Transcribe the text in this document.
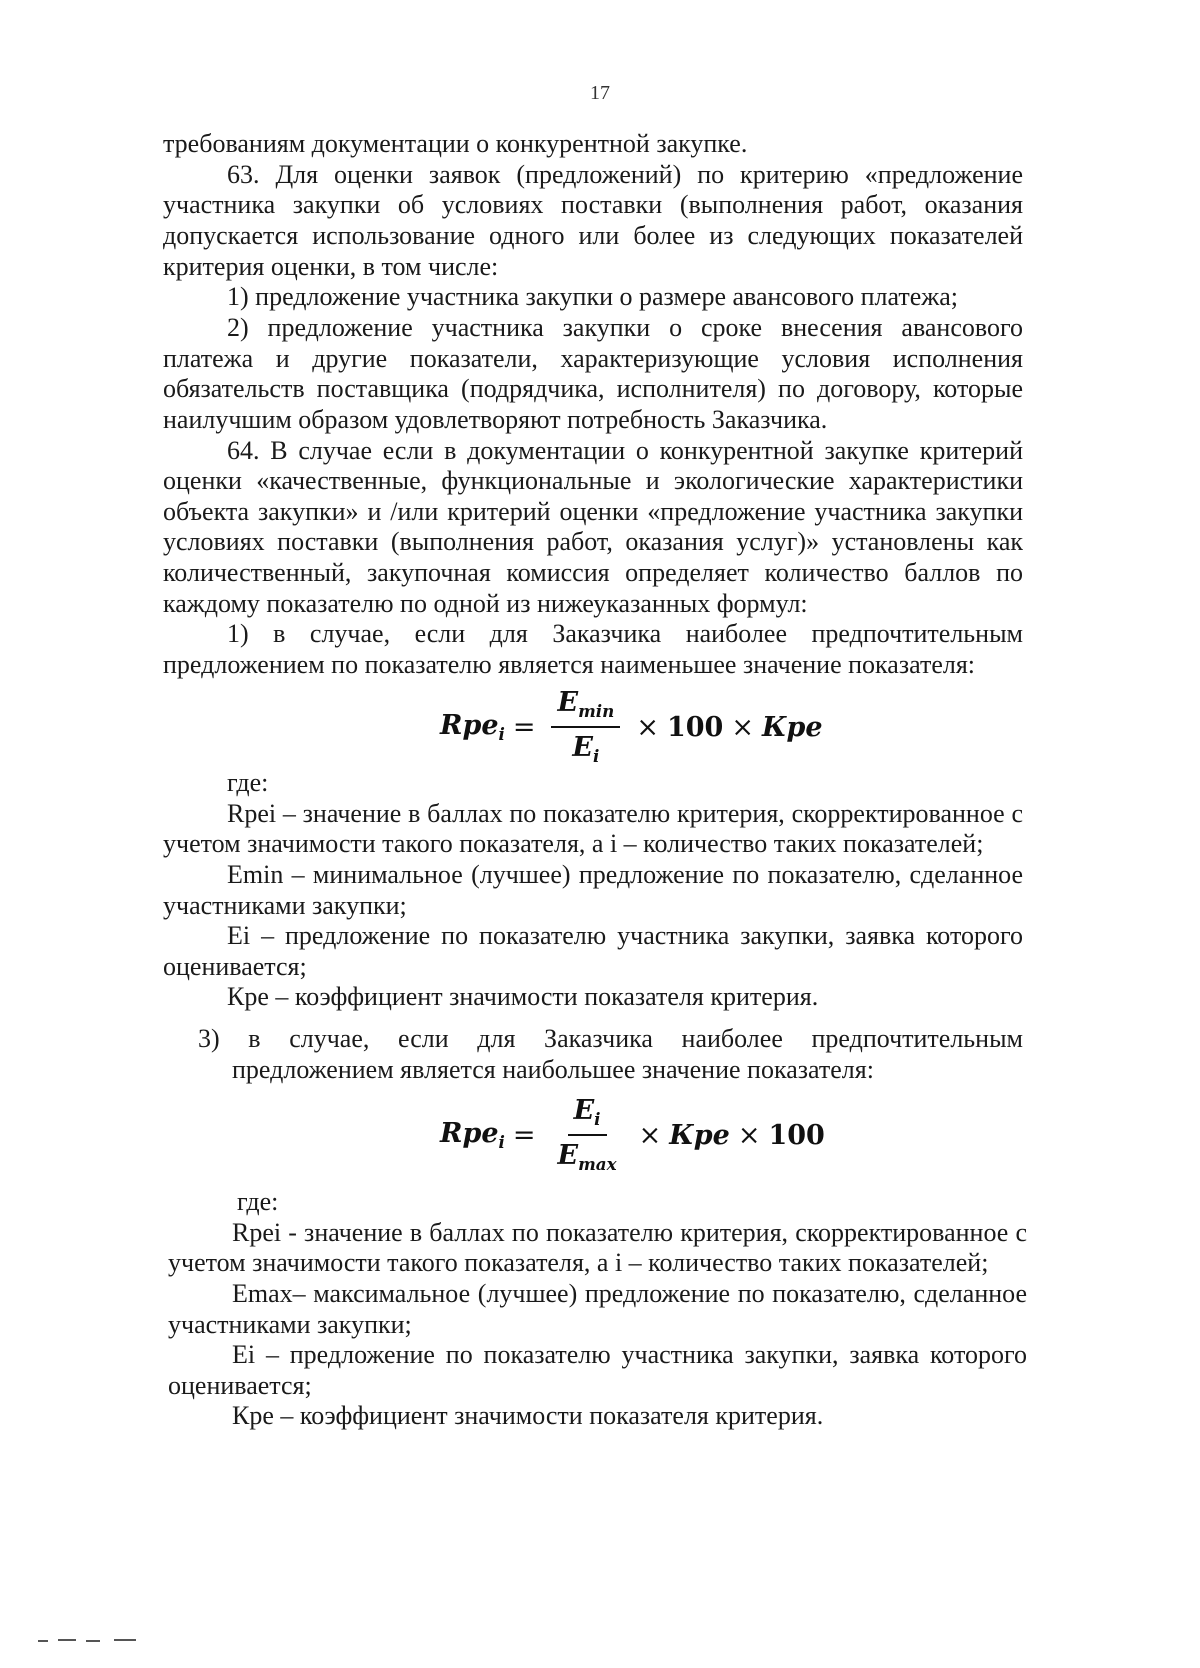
17
требованиям документации о конкурентной закупке.
63. Для оценки заявок (предложений) по критерию «предложение
участника закупки об условиях поставки (выполнения работ, оказания
допускается использование одного или более из следующих показателей
критерия оценки, в том числе:
1) предложение участника закупки о размере авансового платежа;
2) предложение участника закупки о сроке внесения авансового
платежа и другие показатели, характеризующие условия исполнения
обязательств поставщика (подрядчика, исполнителя) по договору, которые
наилучшим образом удовлетворяют потребность Заказчика.
64. В случае если в документации о конкурентной закупке критерий
оценки «качественные, функциональные и экологические характеристики
объекта закупки» и /или критерий оценки «предложение участника закупки
условиях поставки (выполнения работ, оказания услуг)» установлены как
количественный, закупочная комиссия определяет количество баллов по
каждому показателю по одной из нижеуказанных формул:
1) в случае, если для Заказчика наиболее предпочтительным
предложением по показателю является наименьшее значение показателя:
$Rpe_i = \frac{E_{min}}{E_i} \times 100$ × Кре
где:
Rpei – значение в баллах по показателю критерия, скорректированное с
учетом значимости такого показателя, а i – количество таких показателей;
Emin – минимальное (лучшее) предложение по показателю, сделанное
участниками закупки;
Ei – предложение по показателю участника закупки, заявка которого
оценивается;
Кре – коэффициент значимости показателя критерия.
3) в случае, если для Заказчика наиболее предпочтительным
предложением является наибольшее значение показателя:
$Rpe_i = \frac{E_i}{E_{max}}$ × Кре × 100
где:
Rpei - значение в баллах по показателю критерия, скорректированное с
учетом значимости такого показателя, а i – количество таких показателей;
Emax– максимальное (лучшее) предложение по показателю, сделанное
участниками закупки;
Ei – предложение по показателю участника закупки, заявка которого
оценивается;
Кре – коэффициент значимости показателя критерия.
